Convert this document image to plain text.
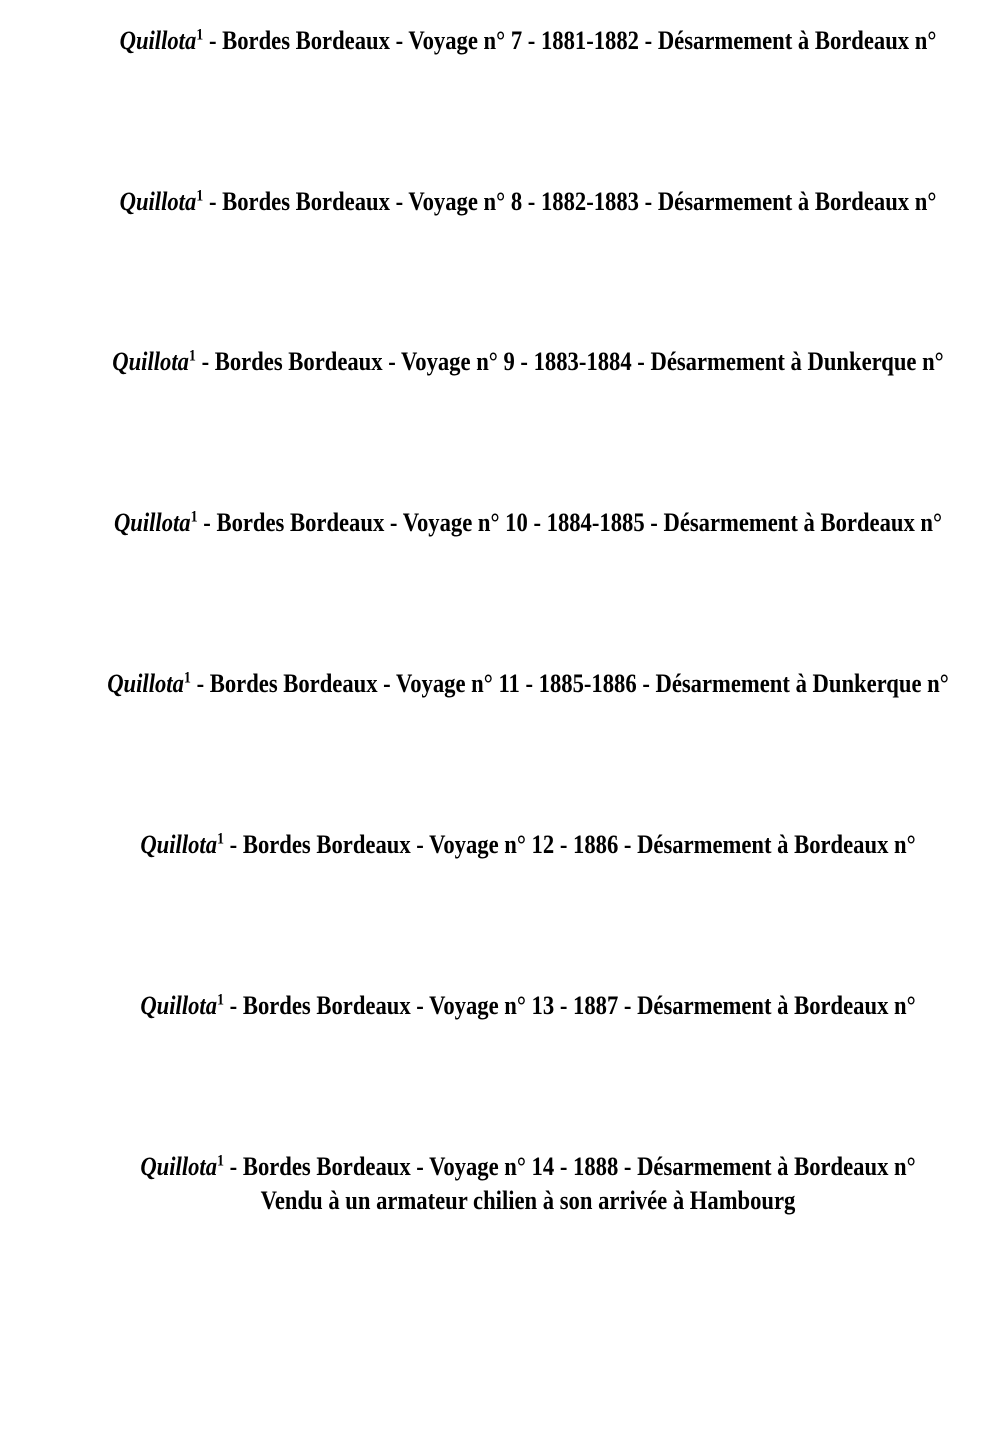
Quillota$^1$ - Bordes Bordeaux - Voyage n° 7 - 1881-1882 - Désarmement à Bordeaux n°
Quillota$^1$ - Bordes Bordeaux - Voyage n° 8 - 1882-1883 - Désarmement à Bordeaux n°
Quillota$^1$ - Bordes Bordeaux - Voyage n° 9 - 1883-1884 - Désarmement à Dunkerque n°
Quillota$^1$ - Bordes Bordeaux - Voyage n° 10 - 1884-1885 - Désarmement à Bordeaux n°
Quillota$^1$ - Bordes Bordeaux - Voyage n° 11 - 1885-1886 - Désarmement à Dunkerque n°
Quillota$^1$ - Bordes Bordeaux - Voyage n° 12 - 1886 - Désarmement à Bordeaux n°
Quillota$^1$ - Bordes Bordeaux - Voyage n° 13 - 1887 - Désarmement à Bordeaux n°
Quillota$^1$ - Bordes Bordeaux - Voyage n° 14 - 1888 - Désarmement à Bordeaux n°
Vendu à un armateur chilien à son arrivée à Hambourg
